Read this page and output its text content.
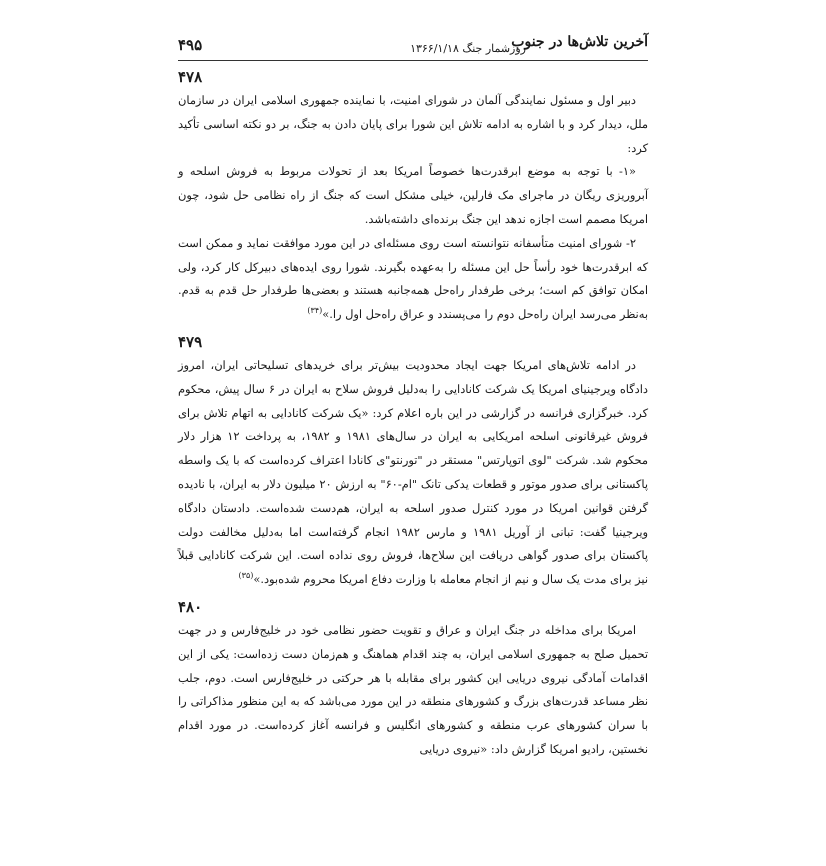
آخرین تلاش‌ها در جنوب
روزشمار جنگ ۱۳۶۶/۱/۱۸
۴۹۵
۴۷۸

دبیر اول و مسئول نمایندگی آلمان در شورای امنیت، با نماینده جمهوری اسلامی ایران در سازمان ملل، دیدار کرد و با اشاره به ادامه تلاش این شورا برای پایان دادن به جنگ، بر دو نکته اساسی تأکید کرد:

«۱- با توجه به موضع ابرقدرت‌ها خصوصاً امریکا بعد از تحولات مربوط به فروش اسلحه و آبروریزی ریگان در ماجرای مک فارلین، خیلی مشکل است که جنگ از راه نظامی حل شود، چون امریکا مصمم است اجازه ندهد این جنگ برنده‌ای داشته‌باشد.

۲- شورای امنیت متأسفانه نتوانسته است روی مسئله‌ای در این مورد موافقت نماید و ممکن است که ابرقدرت‌ها خود رأساً حل این مسئله را به‌عهده بگیرند. شورا روی ایده‌های دبیرکل کار کرد، ولی امکان توافق کم است؛ برخی طرفدار راه‌حل همه‌جانبه هستند و بعضی‌ها طرفدار حل قدم به قدم. به‌نظر می‌رسد ایران راه‌حل دوم را می‌پسندد و عراق راه‌حل اول را.»$^{(۳۴)}$

۴۷۹

در ادامه تلاش‌های امریکا جهت ایجاد محدودیت بیش‌تر برای خریدهای تسلیحاتی ایران، امروز دادگاه ویرجینیای امریکا یک شرکت کانادایی را به‌دلیل فروش سلاح به ایران در ۶ سال پیش، محکوم کرد. خبرگزاری فرانسه در گزارشی در این باره اعلام کرد: «یک شرکت کانادایی به اتهام تلاش برای فروش غیرقانونی اسلحه امریکایی به ایران در سال‌های ۱۹۸۱ و ۱۹۸۲، به پرداخت ۱۲ هزار دلار محکوم شد. شرکت "لوی اتوپارتس" مستقر در "تورنتو"ی کانادا اعتراف کرده‌است که با یک واسطه پاکستانی برای صدور موتور و قطعات یدکی تانک "ام-۶۰" به ارزش ۲۰ میلیون دلار به ایران، با نادیده گرفتن قوانین امریکا در مورد کنترل صدور اسلحه به ایران، هم‌دست شده‌است. دادستان دادگاه ویرجینیا گفت: تبانی از آوریل ۱۹۸۱ و مارس ۱۹۸۲ انجام گرفته‌است اما به‌دلیل مخالفت دولت پاکستان برای صدور گواهی دریافت این سلاح‌ها، فروش روی نداده است. این شرکت کانادایی قبلاً نیز برای مدت یک سال و نیم از انجام معامله با وزارت دفاع امریکا محروم شده‌بود.»$^{(۳۵)}$

۴۸۰

امریکا برای مداخله در جنگ ایران و عراق و تقویت حضور نظامی خود در خلیج‌فارس و در جهت تحمیل صلح به جمهوری اسلامی ایران، به چند اقدام هماهنگ و هم‌زمان دست زده‌است: یکی از این اقدامات آمادگی نیروی دریایی این کشور برای مقابله با هر حرکتی در خلیج‌فارس است. دوم، جلب نظر مساعد قدرت‌های بزرگ و کشورهای منطقه در این مورد می‌باشد که به این منظور مذاکراتی را با سران کشورهای عرب منطقه و کشورهای انگلیس و فرانسه آغاز کرده‌است. در مورد اقدام نخستین، رادیو امریکا گزارش داد: «نیروی دریایی
